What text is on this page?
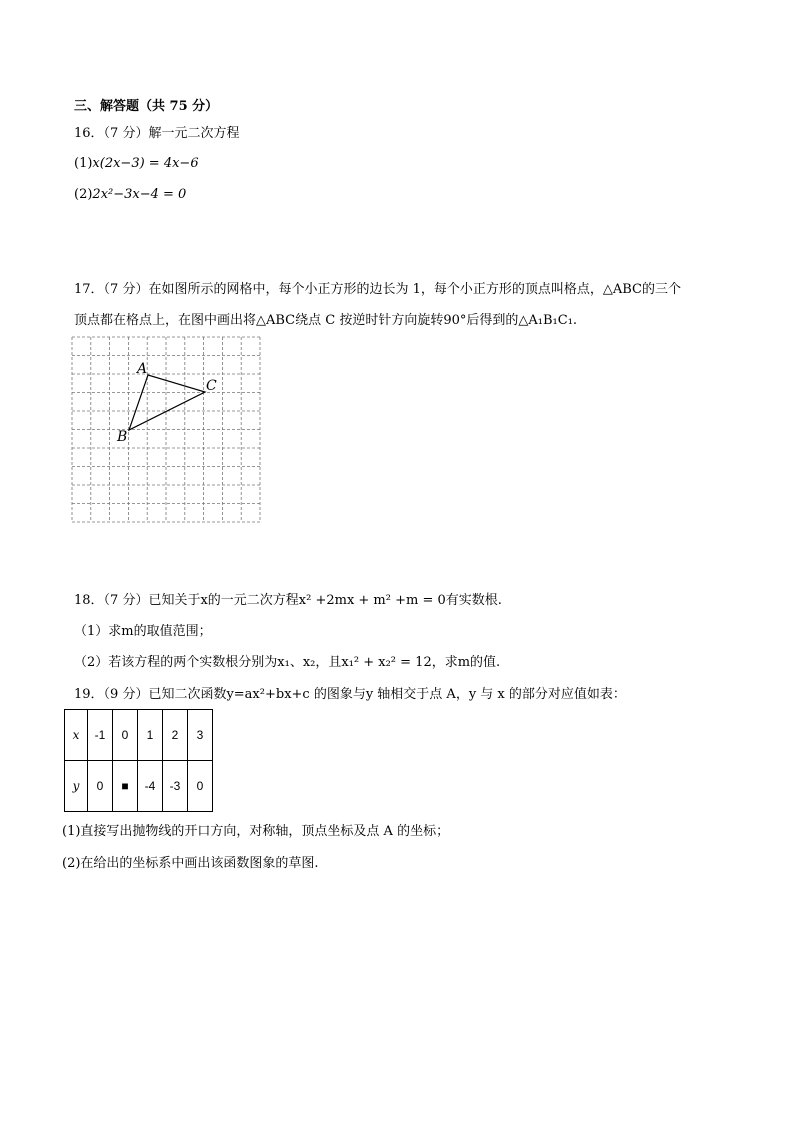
三、解答题（共 75 分）
16．（7 分）解一元二次方程
(1)x(2x−3) = 4x−6
(2)2x²−3x−4 = 0
17．（7 分）在如图所示的网格中，每个小正方形的边长为 1，每个小正方形的顶点叫格点，△ABC的三个
顶点都在格点上，在图中画出将△ABC绕点 C 按逆时针方向旋转90°后得到的△A₁B₁C₁.
A
B
C
18．（7 分）已知关于x的一元二次方程x² +2mx + m² +m = 0有实数根.
（1）求m的取值范围；
（2）若该方程的两个实数根分别为x₁、x₂，且x₁² + x₂² = 12，求m的值.
19．（9 分）已知二次函数y=ax²+bx+c 的图象与y 轴相交于点 A，y 与 x 的部分对应值如表：
x	-1	0	1	2	3
y	0	■	-4	-3	0
(1)直接写出抛物线的开口方向，对称轴，顶点坐标及点 A 的坐标；
(2)在给出的坐标系中画出该函数图象的草图.
